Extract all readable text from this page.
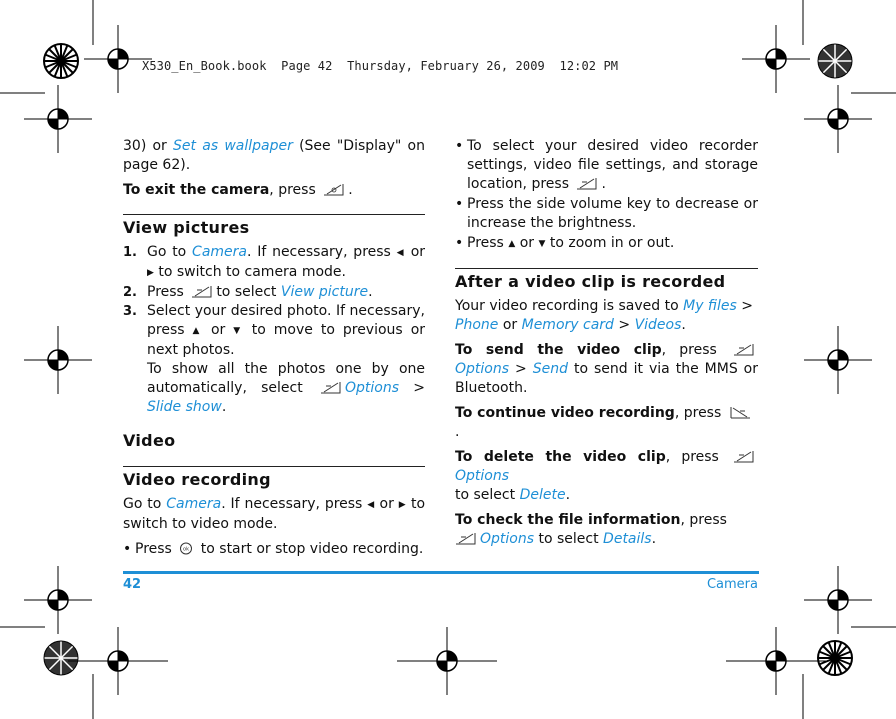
X530_En_Book.book  Page 42  Thursday, February 26, 2009  12:02 PM

30) or Set as wallpaper (See "Display" on page 62).

To exit the camera, press .

View pictures
1. Go to Camera. If necessary, press ◀ or ▶ to switch to camera mode.
2. Press to select View picture.
3. Select your desired photo. If necessary, press ▲ or ▼ to move to previous or next photos.
To show all the photos one by one automatically, select	Options > Slide show.
Video
Video recording

Go to Camera. If necessary, press ◀ or ▶ to switch to video mode.

• Press ok to start or stop video recording.
• To select your desired video recorder settings, video file settings, and storage location, press .
• Press the side volume key to decrease or increase the brightness.
• Press ▲ or ▼ to zoom in or out.
After a video clip is recorded

Your video recording is saved to My files > Phone or Memory card > Videos.

To send the video clip, press Options > Send to send it via the MMS or Bluetooth.

To continue video recording, press .

To delete the video clip, press Options
to select Delete.

To check the file information, press
Options to select Details.

42	Camera
